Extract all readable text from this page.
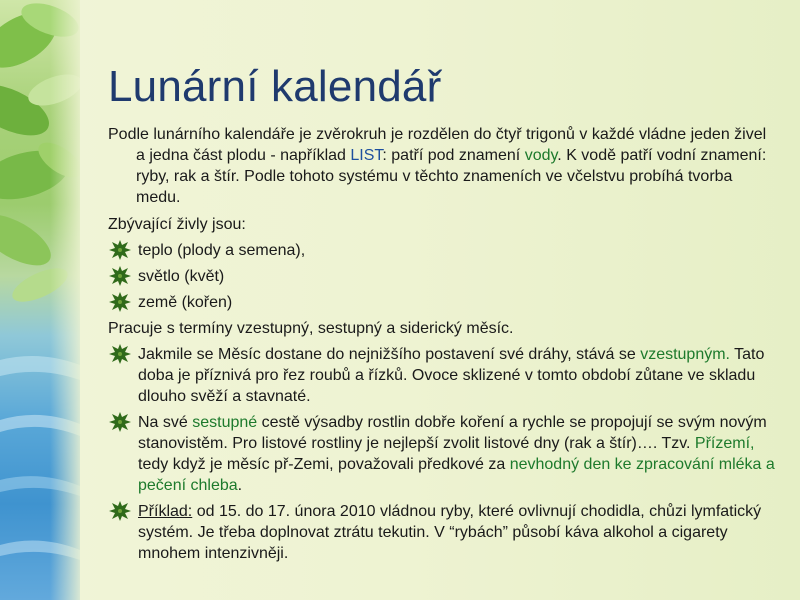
Lunární kalendář

Podle lunárního kalendáře je zvěrokruh je rozdělen do čtyř trigonů v každé vládne jeden živel a jedna část plodu - například LIST: patří pod znamení vody. K vodě patří vodní znamení: ryby, rak a štír. Podle tohoto systému v těchto znameních ve včelstvu probíhá tvorba medu.

Zbývající živly jsou:

teplo (plody a semena),
světlo (květ)
země (kořen)

Pracuje s termíny vzestupný, sestupný a siderický měsíc.

Jakmile se Měsíc dostane do nejnižšího postavení své dráhy, stává se vzestupným. Tato doba je příznivá pro řez roubů a řízků. Ovoce sklizené v tomto období zůtane ve skladu dlouho svěží a stavnaté.
Na své sestupné cestě výsadby rostlin dobře koření a rychle se propojují se svým novým stanovistěm. Pro listové rostliny je nejlepší zvolit listové dny (rak a štír)…. Tzv. Přízemí, tedy když je měsíc př-Zemi, považovali předkové za nevhodný den ke zpracování mléka a pečení chleba.
Příklad: od 15. do 17. února 2010 vládnou ryby, které ovlivnují chodidla, chůzi lymfatický systém. Je třeba doplnovat ztrátu tekutin. V “rybách” působí káva alkohol a cigarety mnohem intenzivněji.
